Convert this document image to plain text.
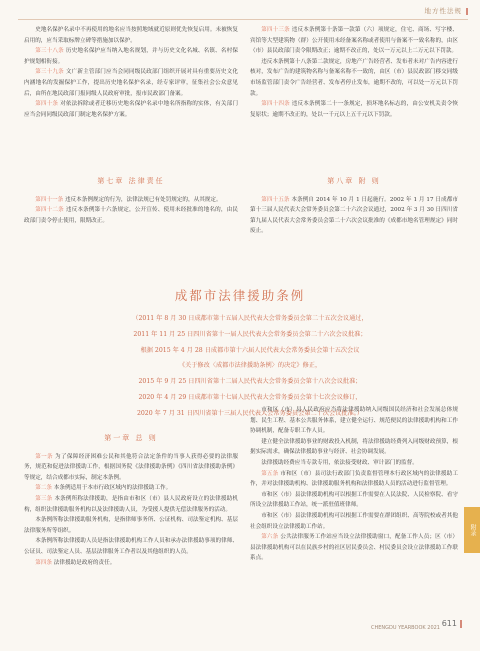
地方性法规

史地名保护名录中不再使用的地名应当按照地域就近原则优先恢复启用。未被恢复启用的，应当采取标牌立碑等措施加以保护。

第三十八条 历史地名保护应当纳入地名规划，并与历史文化名城、名镇、名村保护规划相衔接。

第三十九条 文广新主管部门应当会同同级民政部门组织开展对具有重要历史文化内涵地名的发掘保护工作，提出历史地名保护名录，经专家评审，征集社会公众意见后，由所在地民政部门报同级人民政府审批，报市民政部门备案。

第四十条 对依法拆除或者迁移历史地名保护名录中地名所指称的实体，有关部门应当会同同级民政部门制定地名保护方案。

第七章 法律责任

第四十一条 违反本条例规定的行为，法律法规已有处罚规定的，从其规定。

第四十二条 违反本条例第十六条规定，公开宣传、使用未经批准的地名的，由民政部门责令停止使用，限期改正。

第四十三条 违反本条例第十条第一款第（六）项规定，住宅、商场、写字楼、宾馆等大型建筑物（群）公开使用未经备案名称或者使用与备案不一致名称的，由区（市）县民政部门责令限期改正；逾期不改正的，处以一万元以上二万元以下罚款。

违反本条例第十八条第二款规定，房地产广告经营者、发布者未对广告内容进行核对，发布广告的建筑物名称与备案名称不一致的，由区（市）县民政部门移交同级市场监管部门责令广告经营者、发布者停止发布，逾期不改的，可以处一万元以下罚款。

第四十四条 违反本条例第二十一条规定，损坏地名标志的，由公安机关责令恢复原状；逾期不改正的，处以一千元以上五千元以下罚款。

第八章 附 则

第四十五条 本条例自 2014 年 10 月 1 日起施行。2002 年 1 月 17 日成都市第十三届人民代表大会常务委员会第二十六次会议通过，2002 年 3 月 30 日四川省第九届人民代表大会常务委员会第二十六次会议批准的《成都市地名管理规定》同时废止。

成都市法律援助条例
（2011 年 8 月 30 日成都市第十五届人民代表大会常务委员会第二十五次会议通过，
2011 年 11 月 25 日四川省第十一届人民代表大会常务委员会第二十六次会议批准；
根据 2015 年 4 月 28 日成都市第十六届人民代表大会常务委员会第十五次会议
《关于修改〈成都市法律援助条例〉的决定》修正，
2015 年 9 月 25 日四川省第十二届人民代表大会常务委员会第十八次会议批准；
2020 年 4 月 29 日成都市第十七届人民代表大会常务委员会第十七次会议修订，
2020 年 7 月 31 日四川省第十三届人民代表大会常务委员会第二十次会议批准。）

第一章 总 则

第一条 为了保障经济困难公民和其他符合法定条件的当事人获得必要的法律服务，规范和促进法律援助工作，根据国务院《法律援助条例》《四川省法律援助条例》等规定，结合成都市实际，制定本条例。

第二条 本条例适用于本市行政区域内的法律援助工作。

第三条 本条例所称法律援助，是指由市和区（市）县人民政府设立的法律援助机构，组织法律援助服务机构以及法律援助人员，为受援人提供无偿法律服务的活动。

本条例所称法律援助服务机构，是指律师事务所、公证机构、司法鉴定机构、基层法律服务所等组织。

本条例所称法律援助人员是指法律援助机构工作人员和承办法律援助事项的律师、公证员、司法鉴定人员、基层法律服务工作者以及其他组织的人员。

第四条 法律援助是政府的责任。

市和区（市）县人民政府应当将法律援助纳入同级国民经济和社会发展总体规划、民生工程、基本公共服务体系，建立健全运行、规范便民的法律援助机构和工作协调机制，配备专职工作人员。

建立健全法律援助事业的财政投入机制，将法律援助经费列入同级财政预算，根据实际需求，确保法律援助事业与经济、社会协调发展。

法律援助经费应当专款专用，依法接受财政、审计部门的监督。

第五条 市和区（市）县司法行政部门负责监督管理本行政区域内的法律援助工作，并对法律援助机构、法律援助服务机构和法律援助人员的活动进行监督管理。

市和区（市）县法律援助机构可以根据工作需要在人民法院、人民检察院、看守所设立法律援助工作站，统一派驻值班律师。

市和区（市）县法律援助机构可以根据工作需要在群团组织、高等院校或者其他社会组织设立法律援助工作站。

第六条 公共法律服务工作站应当设立法律援助窗口，配备工作人员；区（市）县法律援助机构可以在民族乡村的社区居民委员会、村民委员会设立法律援助工作联系点。

附录
CHENGDU YEARBOOK 2021 611
